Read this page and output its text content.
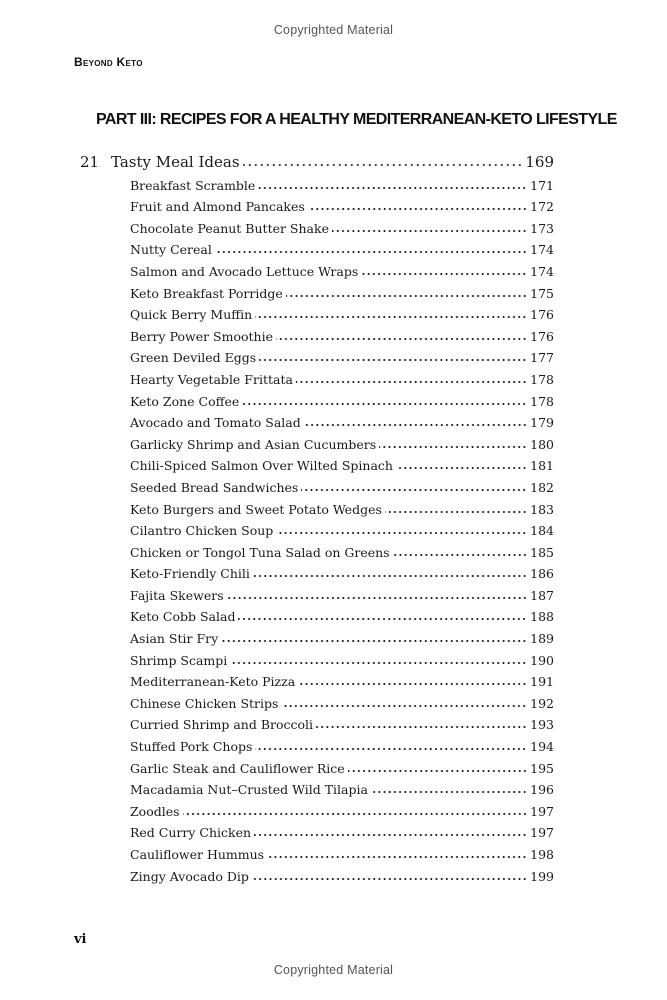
Copyrighted Material
Beyond Keto
PART III: RECIPES FOR A HEALTHY MEDITERRANEAN-KETO LIFESTYLE
21 Tasty Meal Ideas	169
Breakfast Scramble	171
Fruit and Almond Pancakes	172
Chocolate Peanut Butter Shake	173
Nutty Cereal	174
Salmon and Avocado Lettuce Wraps	174
Keto Breakfast Porridge	175
Quick Berry Muffin	176
Berry Power Smoothie	176
Green Deviled Eggs	177
Hearty Vegetable Frittata	178
Keto Zone Coffee	178
Avocado and Tomato Salad	179
Garlicky Shrimp and Asian Cucumbers	180
Chili-Spiced Salmon Over Wilted Spinach	181
Seeded Bread Sandwiches	182
Keto Burgers and Sweet Potato Wedges	183
Cilantro Chicken Soup	184
Chicken or Tongol Tuna Salad on Greens	185
Keto-Friendly Chili	186
Fajita Skewers	187
Keto Cobb Salad	188
Asian Stir Fry	189
Shrimp Scampi	190
Mediterranean-Keto Pizza	191
Chinese Chicken Strips	192
Curried Shrimp and Broccoli	193
Stuffed Pork Chops	194
Garlic Steak and Cauliflower Rice	195
Macadamia Nut–Crusted Wild Tilapia	196
Zoodles	197
Red Curry Chicken	197
Cauliflower Hummus	198
Zingy Avocado Dip	199
vi
Copyrighted Material
